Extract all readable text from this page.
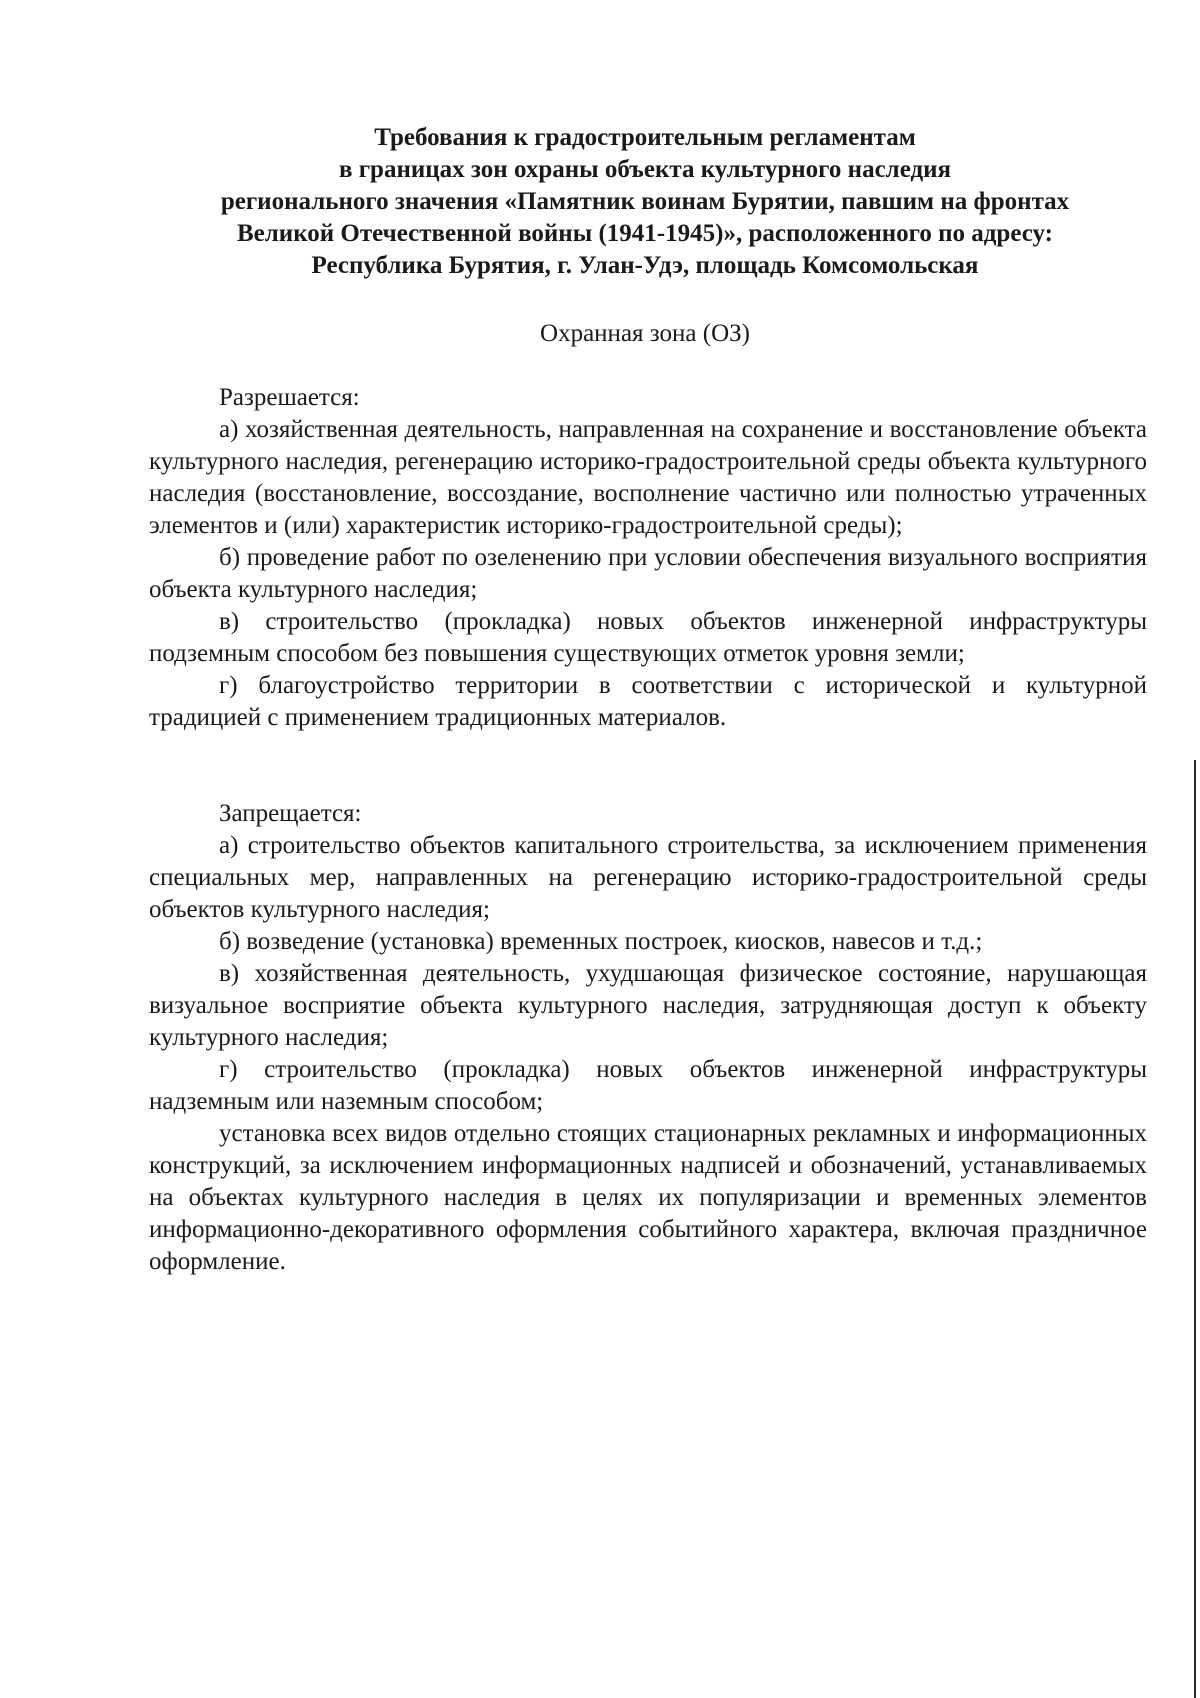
Требования к градостроительным регламентам
в границах зон охраны объекта культурного наследия
регионального значения «Памятник воинам Бурятии, павшим на фронтах
Великой Отечественной войны (1941-1945)», расположенного по адресу:
Республика Бурятия, г. Улан-Удэ, площадь Комсомольская
Охранная зона (ОЗ)
Разрешается:
а) хозяйственная деятельность, направленная на сохранение и восстановление объекта культурного наследия, регенерацию историко-градостроительной среды объекта культурного наследия (восстановление, воссоздание, восполнение частично или полностью утраченных элементов и (или) характеристик историко-градостроительной среды);
б) проведение работ по озеленению при условии обеспечения визуального восприятия объекта культурного наследия;
в) строительство (прокладка) новых объектов инженерной инфраструктуры подземным способом без повышения существующих отметок уровня земли;
г) благоустройство территории в соответствии с исторической и культурной традицией с применением традиционных материалов.
Запрещается:
а) строительство объектов капитального строительства, за исключением применения специальных мер, направленных на регенерацию историко-градостроительной среды объектов культурного наследия;
б) возведение (установка) временных построек, киосков, навесов и т.д.;
в) хозяйственная деятельность, ухудшающая физическое состояние, нарушающая визуальное восприятие объекта культурного наследия, затрудняющая доступ к объекту культурного наследия;
г) строительство (прокладка) новых объектов инженерной инфраструктуры надземным или наземным способом;
установка всех видов отдельно стоящих стационарных рекламных и информационных конструкций, за исключением информационных надписей и обозначений, устанавливаемых на объектах культурного наследия в целях их популяризации и временных элементов информационно-декоративного оформления событийного характера, включая праздничное оформление.
